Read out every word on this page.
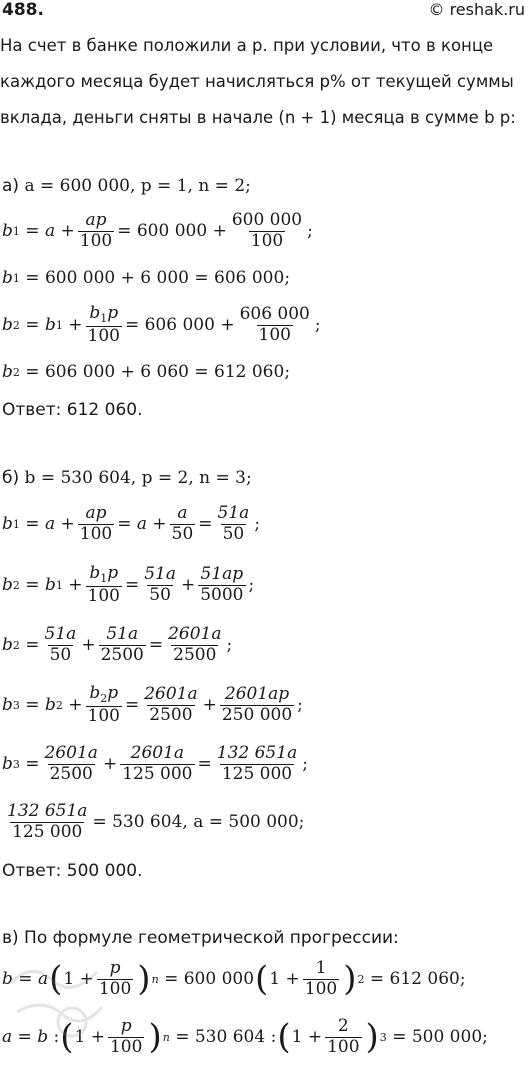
488.	© reshak.ru
На счет в банке положили a р. при условии, что в конце каждого месяца будет начисляться p% от текущей суммы вклада, деньги сняты в начале (n + 1) месяца в сумме b р:
а)
a = 600 000, p = 1, n = 2;
b 1
=
a
+ $\frac{ap}{100}$ =
600 000
+ $\frac{600 000}{100}$ ;
b 1
= 600 000 + 6 000 = 606 000;
b 2
=
b 1
+ $\frac{b_1p}{100}$ =
606 000
+ $\frac{606 000}{100}$ ;
b 2
= 606 000 + 6 060 = 612 060;
Ответ: 612 060.
б)
b = 530 604, p = 2, n = 3;
b 1
=
a
+ $\frac{ap}{100}$ =
a
+ $\frac{a}{50} = \frac{51a}{50}$ ;
b 2
=
b 1
+ $\frac{b_1p}{100} = \frac{51a}{50} + \frac{51ap}{5000}$ ;
b 2
= $\frac{51a}{50} + \frac{51a}{2500} = \frac{2601a}{2500}$ ;
b 3
=
b 2
+ $\frac{b_2p}{100} = \frac{2601a}{2500} + \frac{2601ap}{250 000}$ ;
b 3
= $\frac{2601a}{2500} + \frac{2601a}{125 000} = \frac{132 651a}{125 000}$ ;
$\frac{132 651a}{125 000} = 530$ 604, a = 500 000;
Ответ: 500 000.
в) По формуле геометрической прогрессии:
b
=
a ( 1
+ $\frac{p}{100}$ ) n
=
600 000 ( 1
+ $\frac{1}{100}$ ) 2
= 612 060;
a
=
b
: ( 1
+ $\frac{p}{100}$ ) n
=
530 604
: ( 1
+ $\frac{2}{100}$ ) 3
= 500 000;
